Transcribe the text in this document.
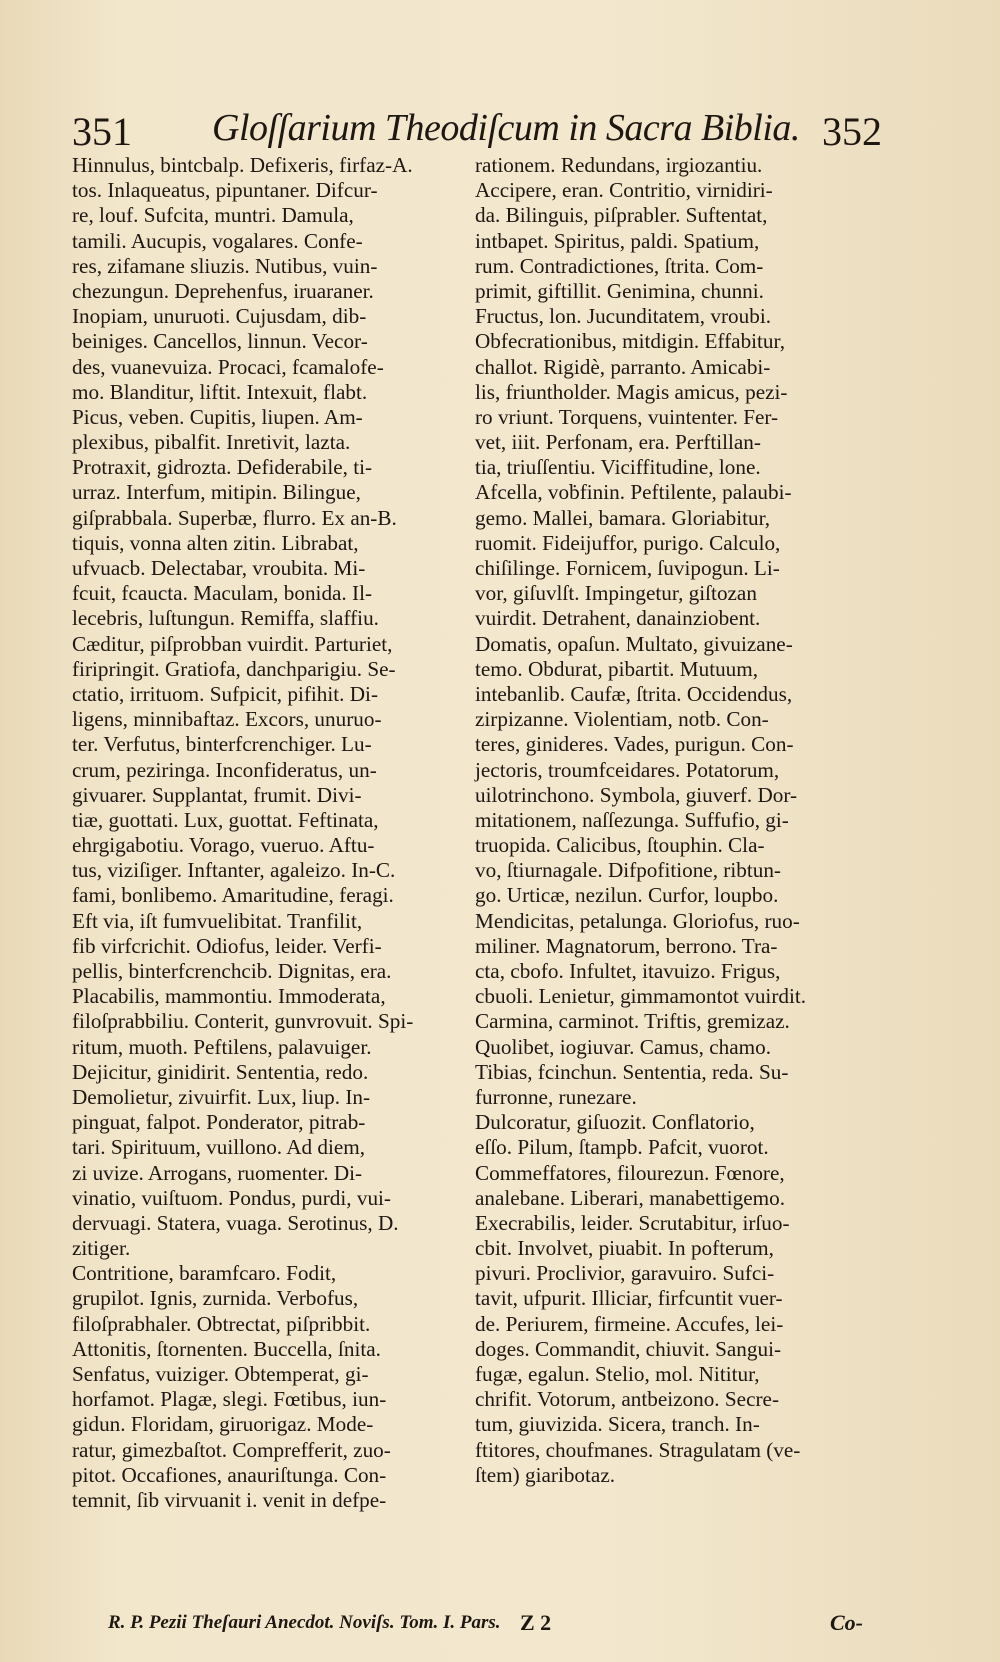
351 Gloſſarium Theodiſcum in Sacra Biblia. 352
Hinnulus, bintcbalp. Defixeris, firfaz-A.
tos. Inlaqueatus, pipuntaner. Difcur-
re, louf. Sufcita, muntri. Damula,
tamili. Aucupis, vogalares. Confe-
res, zifamane sliuzis. Nutibus, vuin-
chezungun. Deprehenfus, iruaraner.
Inopiam, unuruoti. Cujusdam, dib-
beiniges. Cancellos, linnun. Vecor-
des, vuanevuiza. Procaci, fcamalofe-
mo. Blanditur, liftit. Intexuit, flabt.
Picus, veben. Cupitis, liupen. Am-
plexibus, pibalfit. Inretivit, lazta.
Protraxit, gidrozta. Defiderabile, ti-
urraz. Interfum, mitipin. Bilingue,
giſprabbala. Superbæ, flurro. Ex an-B.
tiquis, vonna alten zitin. Librabat,
ufvuacb. Delectabar, vroubita. Mi-
fcuit, fcaucta. Maculam, bonida. Il-
lecebris, luſtungun. Remiffa, slaffiu.
Cæditur, piſprobban vuirdit. Parturiet,
firipringit. Gratiofa, danchparigiu. Se-
ctatio, irrituom. Sufpicit, pifihit. Di-
ligens, minnibaftaz. Excors, unuruo-
ter. Verfutus, binterfcrenchiger. Lu-
crum, peziringa. Inconfideratus, un-
givuarer. Supplantat, frumit. Divi-
tiæ, guottati. Lux, guottat. Feftinata,
ehrgigabotiu. Vorago, vueruo. Aftu-
tus, viziſiger. Inftanter, agaleizo. In-C.
fami, bonlibemo. Amaritudine, feragi.
Eft via, iſt fumvuelibitat. Tranfilit,
fib virfcrichit. Odiofus, leider. Verfi-
pellis, binterfcrenchcib. Dignitas, era.
Placabilis, mammontiu. Immoderata,
filoſprabbiliu. Conterit, gunvrovuit. Spi-
ritum, muoth. Peftilens, palavuiger.
Dejicitur, ginidirit. Sententia, redo.
Demolietur, zivuirfit. Lux, liup. In-
pinguat, falpot. Ponderator, pitrab-
tari. Spirituum, vuillono. Ad diem,
zi uvize. Arrogans, ruomenter. Di-
vinatio, vuiſtuom. Pondus, purdi, vui-
dervuagi. Statera, vuaga. Serotinus, D.
zitiger.
Contritione, baramfcaro. Fodit,
grupilot. Ignis, zurnida. Verbofus,
filoſprabhaler. Obtrectat, piſpribbit.
Attonitis, ſtornenten. Buccella, ſnita.
Senfatus, vuiziger. Obtemperat, gi-
horfamot. Plagæ, slegi. Fœtibus, iun-
gidun. Floridam, giruorigaz. Mode-
ratur, gimezbaſtot. Comprefferit, zuo-
pitot. Occafiones, anauriſtunga. Con-
temnit, ſib virvuanit i. venit in defpe-
rationem. Redundans, irgiozantiu.
Accipere, eran. Contritio, virnidiri-
da. Bilinguis, piſprabler. Suftentat,
intbapet. Spiritus, paldi. Spatium,
rum. Contradictiones, ſtrita. Com-
primit, giftillit. Genimina, chunni.
Fructus, lon. Jucunditatem, vroubi.
Obfecrationibus, mitdigin. Effabitur,
challot. Rigidè, parranto. Amicabi-
lis, friuntholder. Magis amicus, pezi-
ro vriunt. Torquens, vuintenter. Fer-
vet, iiit. Perfonam, era. Perftillan-
tia, triuſſentiu. Viciffitudine, lone.
Afcella, voḃfinin. Peftilente, palaubi-
gemo. Mallei, bamara. Gloriabitur,
ruomit. Fideijuffor, purigo. Calculo,
chiſilinge. Fornicem, ſuvipogun. Li-
vor, giſuvlſt. Impingetur, giſtozan
vuirdit. Detrahent, danainziobent.
Domatis, opaſun. Multato, givuizane-
temo. Obdurat, pibartit. Mutuum,
intebanlib. Caufæ, ſtrita. Occidendus,
zirpizanne. Violentiam, notb. Con-
teres, ginideres. Vades, purigun. Con-
jectoris, troumfceidares. Potatorum,
uilotrinchono. Symbola, giuverf. Dor-
mitationem, naſſezunga. Suffufio, gi-
truopida. Calicibus, ſtouphin. Cla-
vo, ſtiurnagale. Difpofitione, ribtun-
go. Urticæ, nezilun. Curfor, loupbo.
Mendicitas, petalunga. Gloriofus, ruo-
miliner. Magnatorum, berrono. Tra-
cta, cbofo. Infultet, itavuizo. Frigus,
cbuoli. Lenietur, gimmamontot vuirdit.
Carmina, carminot. Triftis, gremizaz.
Quolibet, iogiuvar. Camus, chamo.
Tibias, fcinchun. Sententia, reda. Su-
furronne, runezare.
Dulcoratur, giſuozit. Conflatorio,
eſſo. Pilum, ſtampb. Pafcit, vuorot.
Commeffatores, filourezun. Fœnore,
analebane. Liberari, manabettigemo.
Execrabilis, leider. Scrutabitur, irſuo-
cbit. Involvet, piuabit. In pofterum,
pivuri. Proclivior, garavuiro. Sufci-
tavit, ufpurit. Illiciar, firfcuntit vuer-
de. Periurem, firmeine. Accufes, lei-
doges. Commandit, chiuvit. Sangui-
fugæ, egalun. Stelio, mol. Nititur,
chrifit. Votorum, antbeizono. Secre-
tum, giuvizida. Sicera, tranch. In-
ftitores, choufmanes. Stragulatam (ve-
ſtem) giaribotaz.
R. P. Pezii Theſauri Anecdot. Noviſs. Tom. I. Pars. Z 2	Co-
